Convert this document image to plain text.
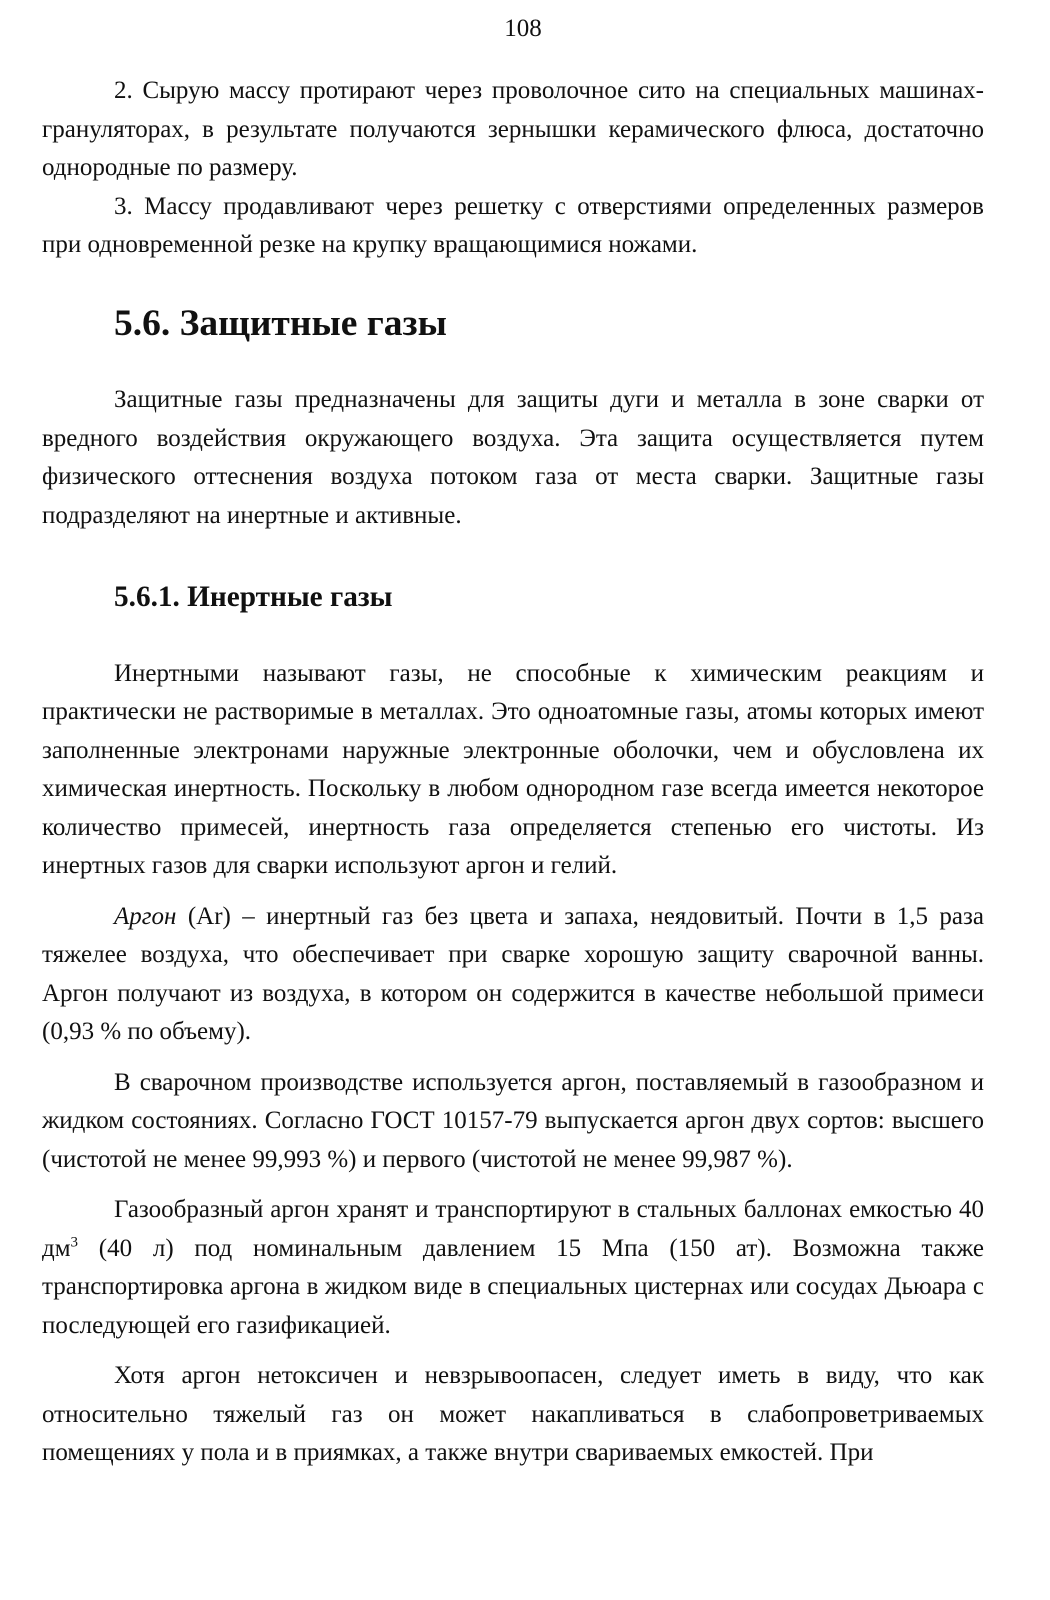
108

2. Сырую массу протирают через проволочное сито на специальных машинах-грануляторах, в результате получаются зернышки керамического флюса, достаточно однородные по размеру.

3. Массу продавливают через решетку с отверстиями определенных размеров при одновременной резке на крупку вращающимися ножами.

5.6. Защитные газы

Защитные газы предназначены для защиты дуги и металла в зоне сварки от вредного воздействия окружающего воздуха. Эта защита осуществляется путем физического оттеснения воздуха потоком газа от места сварки. Защитные газы подразделяют на инертные и активные.

5.6.1. Инертные газы

Инертными называют газы, не способные к химическим реакциям и практически не растворимые в металлах. Это одноатомные газы, атомы которых имеют заполненные электронами наружные электронные оболочки, чем и обусловлена их химическая инертность. Поскольку в любом однородном газе всегда имеется некоторое количество примесей, инертность газа определяется степенью его чистоты. Из инертных газов для сварки используют аргон и гелий.

Аргон (Ar) – инертный газ без цвета и запаха, неядовитый. Почти в 1,5 раза тяжелее воздуха, что обеспечивает при сварке хорошую защиту сварочной ванны. Аргон получают из воздуха, в котором он содержится в качестве небольшой примеси (0,93 % по объему).

В сварочном производстве используется аргон, поставляемый в газообразном и жидком состояниях. Согласно ГОСТ 10157-79 выпускается аргон двух сортов: высшего (чистотой не менее 99,993 %) и первого (чистотой не менее 99,987 %).

Газообразный аргон хранят и транспортируют в стальных баллонах емкостью 40 $дм^3$ (40 л) под номинальным давлением 15 Мпа (150 ат). Возможна также транспортировка аргона в жидком виде в специальных цистернах или сосудах Дьюара с последующей его газификацией.

Хотя аргон нетоксичен и невзрывоопасен, следует иметь в виду, что как относительно тяжелый газ он может накапливаться в слабопроветриваемых помещениях у пола и в приямках, а также внутри свариваемых емкостей. При
